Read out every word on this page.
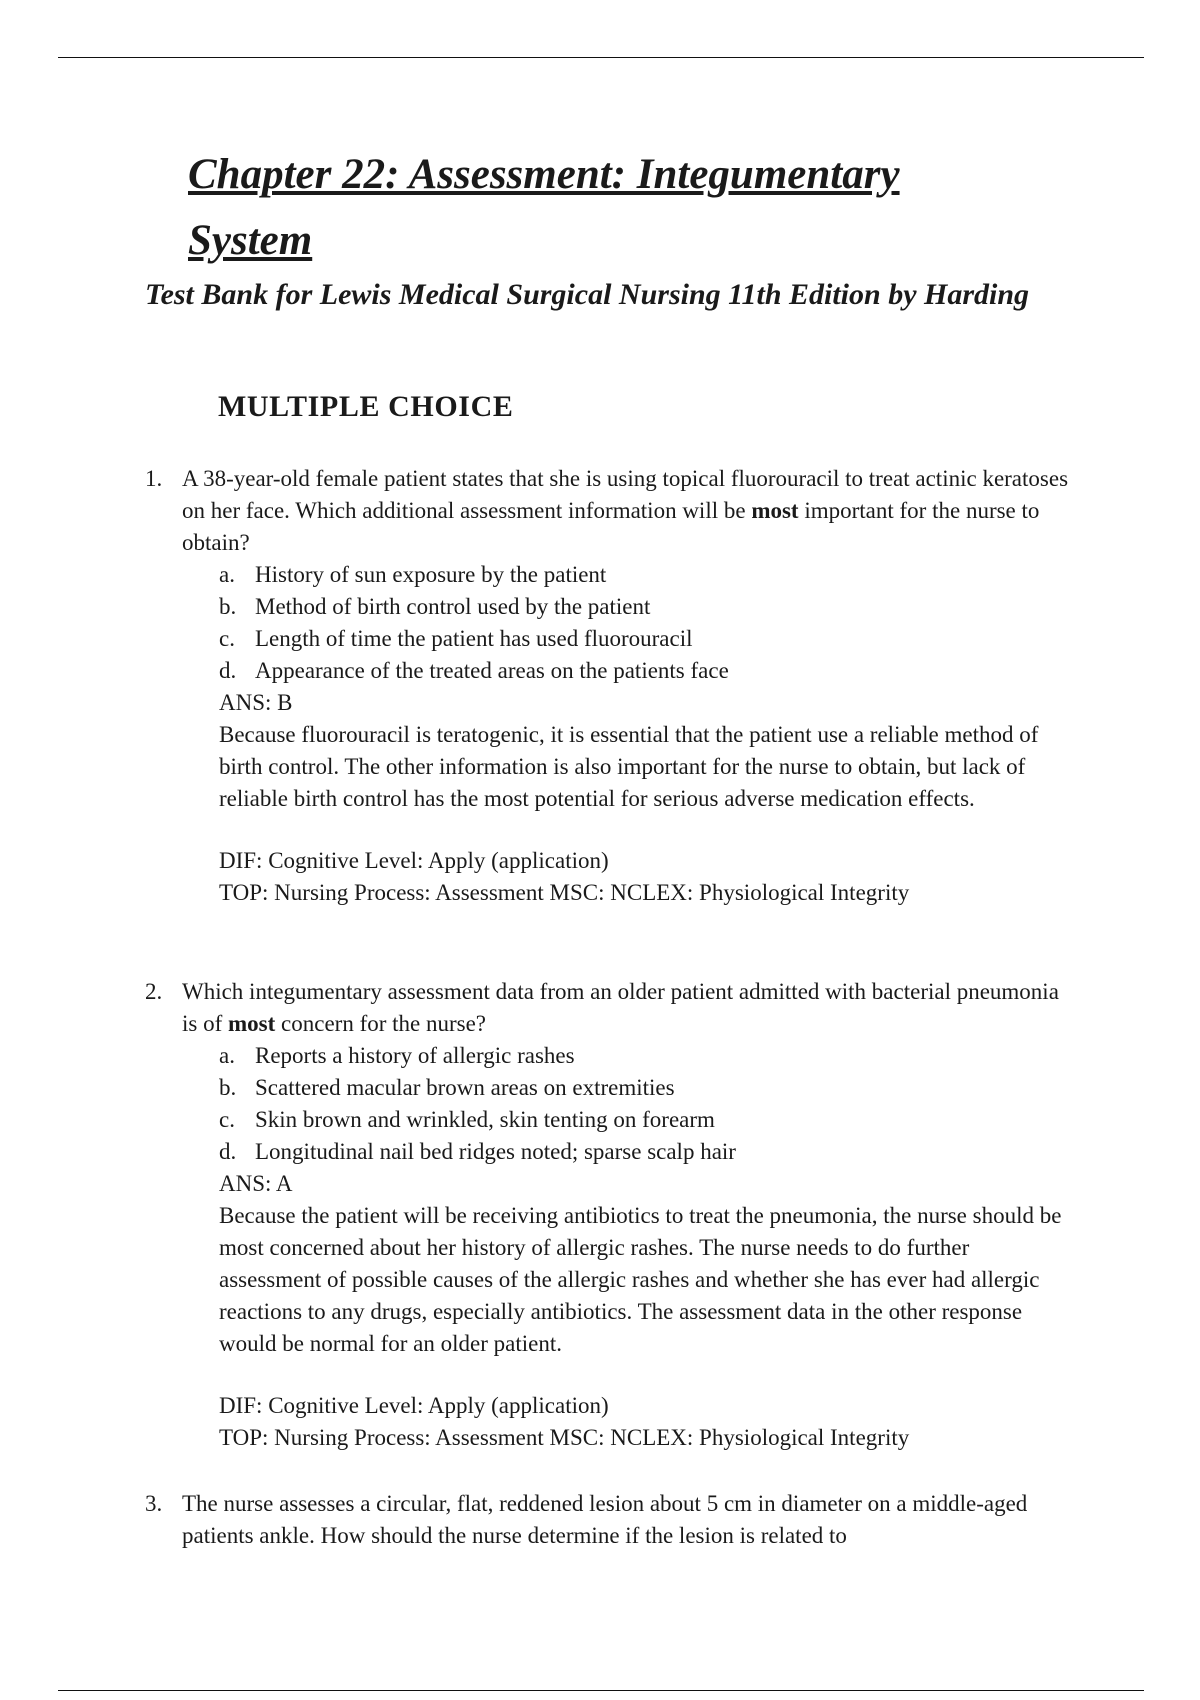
Chapter 22: Assessment: Integumentary
System
Test Bank for Lewis Medical Surgical Nursing 11th Edition by Harding
MULTIPLE CHOICE
1. A 38-year-old female patient states that she is using topical fluorouracil to treat actinic keratoses on her face. Which additional assessment information will be most important for the nurse to obtain?
a. History of sun exposure by the patient
b. Method of birth control used by the patient
c. Length of time the patient has used fluorouracil
d. Appearance of the treated areas on the patients face
ANS: B
Because fluorouracil is teratogenic, it is essential that the patient use a reliable method of birth control. The other information is also important for the nurse to obtain, but lack of reliable birth control has the most potential for serious adverse medication effects.
DIF: Cognitive Level: Apply (application)
TOP: Nursing Process: Assessment MSC: NCLEX: Physiological Integrity
2. Which integumentary assessment data from an older patient admitted with bacterial pneumonia is of most concern for the nurse?
a. Reports a history of allergic rashes
b. Scattered macular brown areas on extremities
c. Skin brown and wrinkled, skin tenting on forearm
d. Longitudinal nail bed ridges noted; sparse scalp hair
ANS: A
Because the patient will be receiving antibiotics to treat the pneumonia, the nurse should be most concerned about her history of allergic rashes. The nurse needs to do further assessment of possible causes of the allergic rashes and whether she has ever had allergic reactions to any drugs, especially antibiotics. The assessment data in the other response would be normal for an older patient.
DIF: Cognitive Level: Apply (application)
TOP: Nursing Process: Assessment MSC: NCLEX: Physiological Integrity
3. The nurse assesses a circular, flat, reddened lesion about 5 cm in diameter on a middle-aged patients ankle. How should the nurse determine if the lesion is related to
